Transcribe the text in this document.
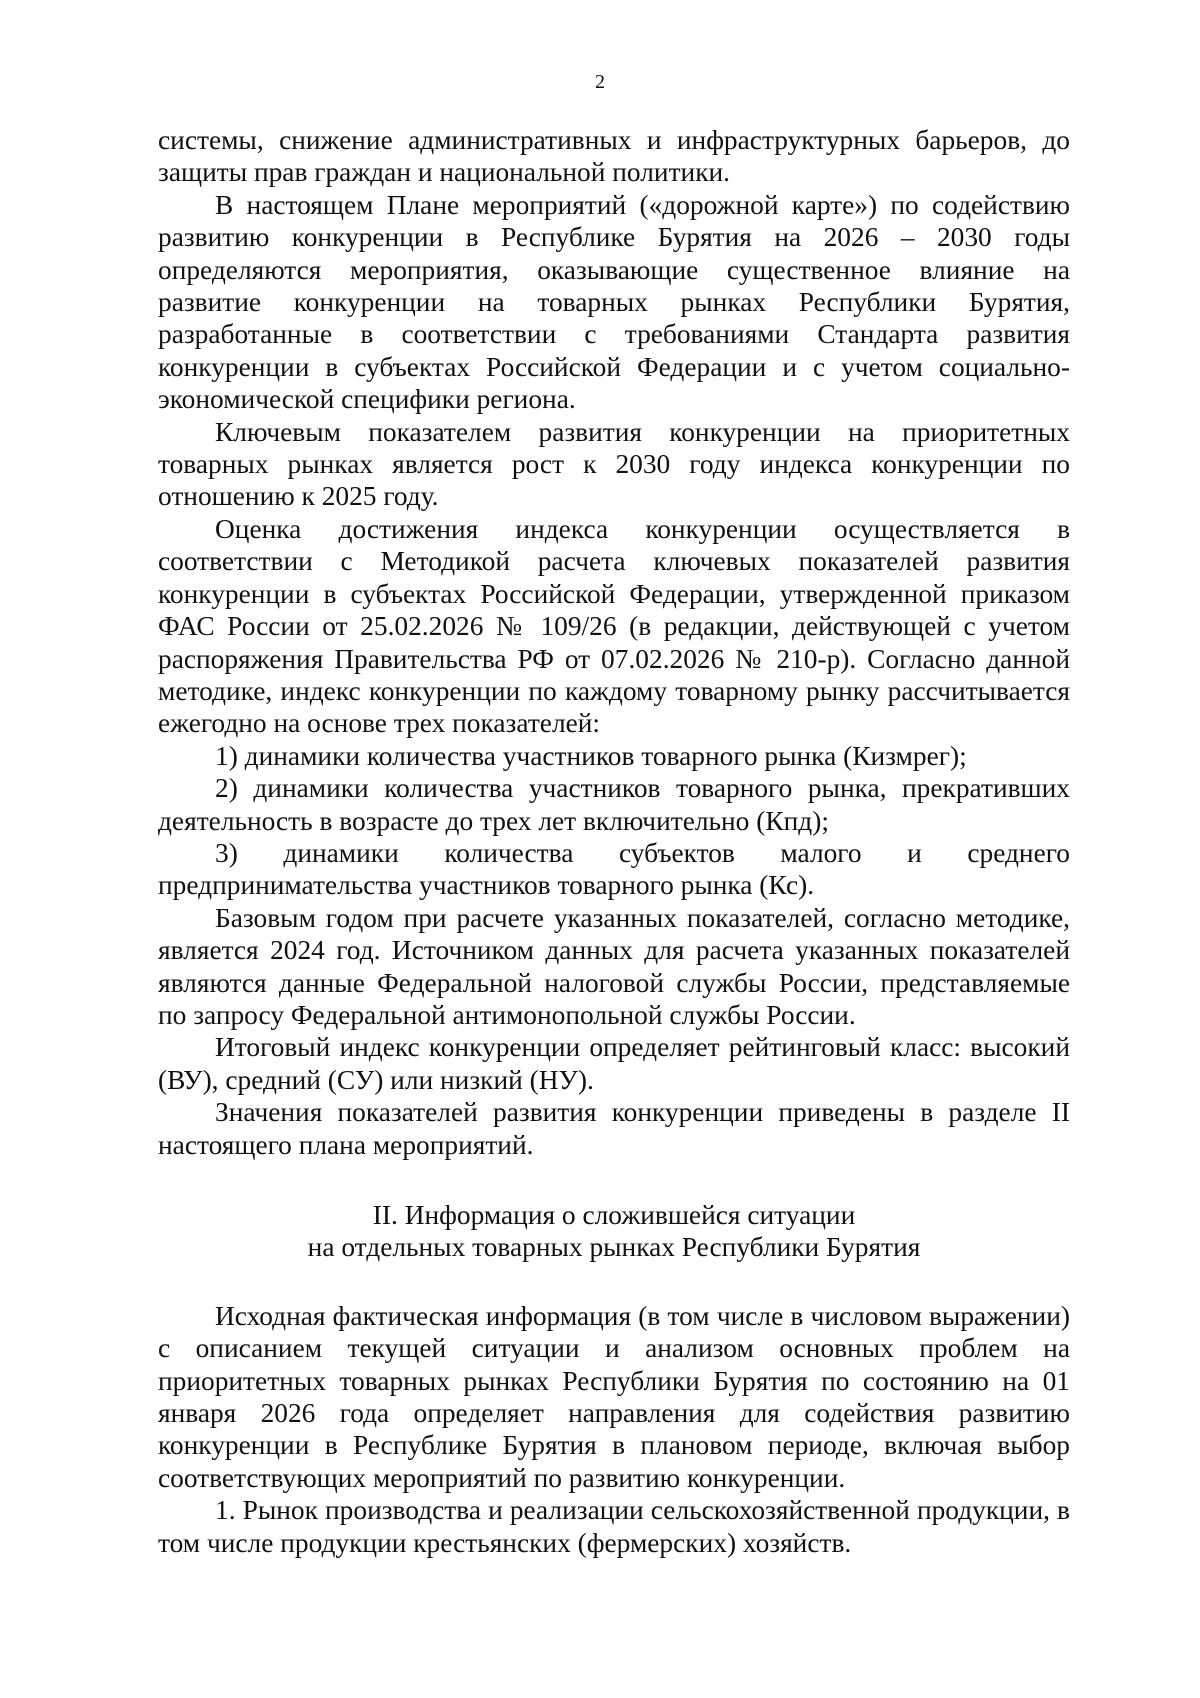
2

системы, снижение административных и инфраструктурных барьеров, до защиты прав граждан и национальной политики.

В настоящем Плане мероприятий («дорожной карте») по содействию развитию конкуренции в Республике Бурятия на 2026 – 2030 годы определяются мероприятия, оказывающие существенное влияние на развитие конкуренции на товарных рынках Республики Бурятия, разработанные в соответствии с требованиями Стандарта развития конкуренции в субъектах Российской Федерации и с учетом социально-экономической специфики региона.

Ключевым показателем развития конкуренции на приоритетных товарных рынках является рост к 2030 году индекса конкуренции по отношению к 2025 году.

Оценка достижения индекса конкуренции осуществляется в соответствии с Методикой расчета ключевых показателей развития конкуренции в субъектах Российской Федерации, утвержденной приказом ФАС России от 25.02.2026 № 109/26 (в редакции, действующей с учетом распоряжения Правительства РФ от 07.02.2026 № 210-р). Согласно данной методике, индекс конкуренции по каждому товарному рынку рассчитывается ежегодно на основе трех показателей:

1) динамики количества участников товарного рынка (Кизмрег);

2) динамики количества участников товарного рынка, прекративших деятельность в возрасте до трех лет включительно (Кпд);

3) динамики количества субъектов малого и среднего предпринимательства участников товарного рынка (Кс).

Базовым годом при расчете указанных показателей, согласно методике, является 2024 год. Источником данных для расчета указанных показателей являются данные Федеральной налоговой службы России, представляемые по запросу Федеральной антимонопольной службы России.

Итоговый индекс конкуренции определяет рейтинговый класс: высокий (ВУ), средний (СУ) или низкий (НУ).

Значения показателей развития конкуренции приведены в разделе II настоящего плана мероприятий.

II. Информация о сложившейся ситуации
на отдельных товарных рынках Республики Бурятия

Исходная фактическая информация (в том числе в числовом выражении) с описанием текущей ситуации и анализом основных проблем на приоритетных товарных рынках Республики Бурятия по состоянию на 01 января 2026 года определяет направления для содействия развитию конкуренции в Республике Бурятия в плановом периоде, включая выбор соответствующих мероприятий по развитию конкуренции.

1. Рынок производства и реализации сельскохозяйственной продукции, в том числе продукции крестьянских (фермерских) хозяйств.
